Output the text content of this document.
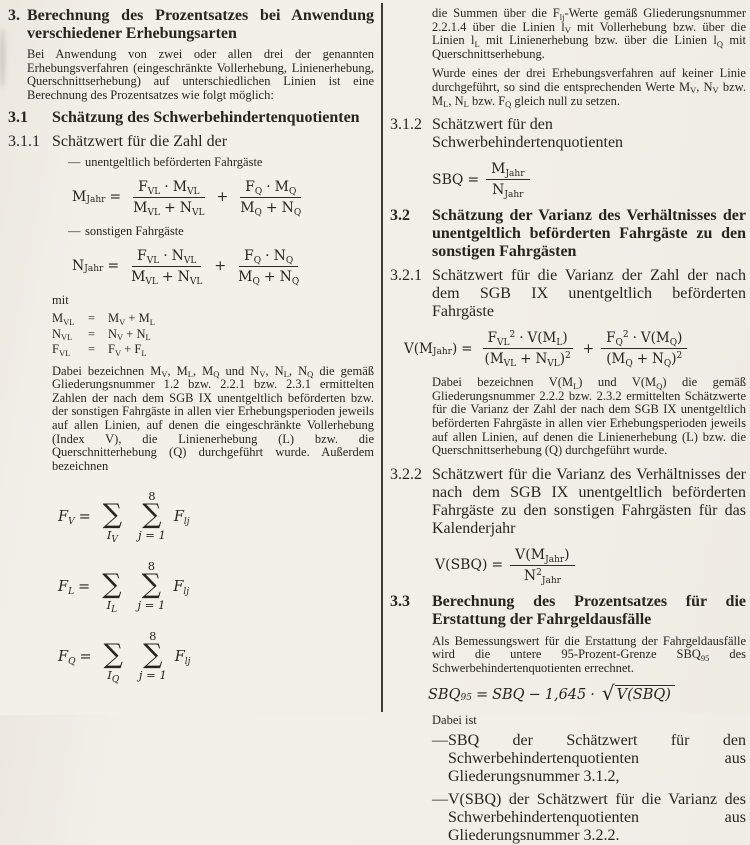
3. Berechnung des Prozentsatzes bei Anwendung verschiedener Erhebungsarten

Bei Anwendung von zwei oder allen drei der genannten Erhebungsverfahren (eingeschränkte Vollerhebung, Linienerhebung, Querschnittserhebung) auf unterschiedlichen Linien ist eine Berechnung des Prozentsatzes wie folgt möglich:

3.1	Schätzung des Schwerbehindertenquotienten
3.1.1 Schätzwert für die Zahl der
— unentgeltlich beförderten Fahrgäste
$M_{Jahr} = \frac{F_{VL} \cdot M_{VL}}{M_{VL} + N_{VL}} + \frac{F_Q \cdot M_Q}{M_Q + N_Q}$
— sonstigen Fahrgäste
$N_{Jahr} = \frac{F_{VL} \cdot N_{VL}}{M_{VL} + N_{VL}} + \frac{F_Q \cdot N_Q}{M_Q + N_Q}$

mit

$M_{VL}$	=	$M_V + M_L$
$N_{VL}$	=	$N_V + N_L$
$F_{VL}$	=	$F_V + F_L$

Dabei bezeichnen $M_V$, $M_L$, $M_Q$ und $N_V$, $N_L$, $N_Q$ die gemäß Gliederungsnummer 1.2 bzw. 2.2.1 bzw. 2.3.1 ermittelten Zahlen der nach dem SGB IX unentgeltlich beförderten bzw. der sonstigen Fahrgäste in allen vier Erhebungsperioden jeweils auf allen Linien, auf denen die eingeschränkte Vollerhebung (Index V), die Linienerhebung (L) bzw. die Querschnitterhebung (Q) durchgeführt wurde. Außerdem bezeichnen

$F_V$ = ∑
$I_V$
8
∑
j = 1
$F_{lj}$
$F_L$ = ∑
$I_L$
8
∑
j = 1
$F_{lj}$
$F_Q$ = ∑
$I_Q$
8
∑
j = 1
$F_{lj}$

die Summen über die $F_{lj}$-Werte gemäß Gliederungsnummer 2.2.1.4 über die Linien $l_V$ mit Vollerhebung bzw. über die Linien $l_L$ mit Linienerhebung bzw. über die Linien $l_Q$ mit Querschnittserhebung.

Wurde eines der drei Erhebungsverfahren auf keiner Linie durchgeführt, so sind die entsprechenden Werte $M_V$, $N_V$ bzw. $M_L$, $N_L$ bzw. $F_Q$ gleich null zu setzen.

3.1.2 Schätzwert für den Schwerbehindertenquotienten
SBQ = $\frac{M_{Jahr}}{N_{Jahr}}$
3.2	Schätzung der Varianz des Verhältnisses der unentgeltlich beförderten Fahrgäste zu den sonstigen Fahrgästen
3.2.1 Schätzwert für die Varianz der Zahl der nach dem SGB IX unentgeltlich beförderten Fahrgäste
V ( $M_{Jahr}$ ) = $\frac{F_{VL}^2 \cdot V(M_L)}{(M_{VL} + N_{VL})^2} + \frac{F_Q^2 \cdot V(M_Q)}{(M_Q + N_Q)^2}$

Dabei bezeichnen $V(M_L)$ und $V(M_Q)$ die gemäß Gliederungsnummer 2.2.2 bzw. 2.3.2 ermittelten Schätzwerte für die Varianz der Zahl der nach dem SGB IX unentgeltlich beförderten Fahrgäste in allen vier Erhebungsperioden jeweils auf allen Linien, auf denen die Linienerhebung (L) bzw. die Querschnittserhebung (Q) durchgeführt wurde.

3.2.2 Schätzwert für die Varianz des Verhältnisses der nach dem SGB IX unentgeltlich beförderten Fahrgäste zu den sonstigen Fahrgästen für das Kalenderjahr
V ( SBQ ) = $\frac{V(M_{Jahr})}{N^2_{Jahr}}$
3.3	Berechnung des Prozentsatzes für die Erstattung der Fahrgeldausfälle

Als Bemessungswert für die Erstattung der Fahrgeldausfälle wird die untere 95-Prozent-Grenze $SBQ_{95}$ des Schwerbehindertenquotienten errechnet.

$SBQ_{95}$ = SBQ − 1,645 · √ V(SBQ)

Dabei ist

— SBQ der Schätzwert für den Schwerbehindertenquotienten aus Gliederungsnummer 3.1.2,
— V(SBQ) der Schätzwert für die Varianz des Schwerbehindertenquotienten aus Gliederungsnummer 3.2.2.
